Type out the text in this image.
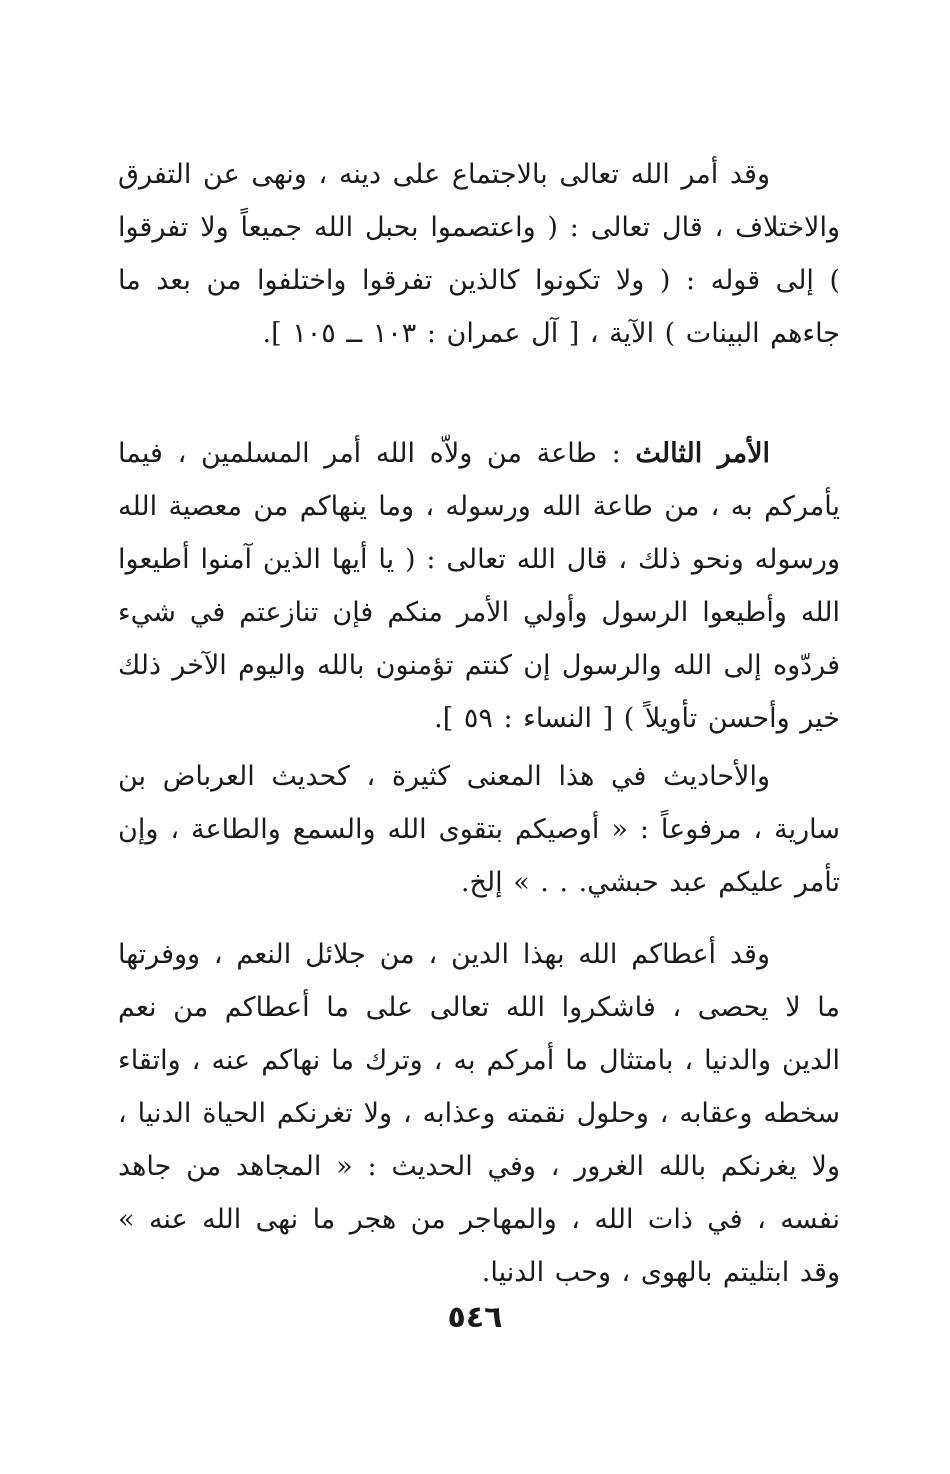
وقد أمر الله تعالى بالاجتماع على دينه ، ونهى عن التفرق والاختلاف ، قال تعالى : ( واعتصموا بحبل الله جميعاً ولا تفرقوا ) إلى قوله : ( ولا تكونوا كالذين تفرقوا واختلفوا من بعد ما جاءهم البينات ) الآية ، [ آل عمران : ١٠٣ ــ ١٠٥ ].
الأمر الثالث : طاعة من ولاّه الله أمر المسلمين ، فيما يأمركم به ، من طاعة الله ورسوله ، وما ينهاكم من معصية الله ورسوله ونحو ذلك ، قال الله تعالى : ( يا أيها الذين آمنوا أطيعوا الله وأطيعوا الرسول وأولي الأمر منكم فإن تنازعتم في شيء فردّوه إلى الله والرسول إن كنتم تؤمنون بالله واليوم الآخر ذلك خير وأحسن تأويلاً ) [ النساء : ٥٩ ].
والأحاديث في هذا المعنى كثيرة ، كحديث العرباض بن سارية ، مرفوعاً : « أوصيكم بتقوى الله والسمع والطاعة ، وإن تأمر عليكم عبد حبشي. . . » إلخ.
وقد أعطاكم الله بهذا الدين ، من جلائل النعم ، ووفرتها ما لا يحصى ، فاشكروا الله تعالى على ما أعطاكم من نعم الدين والدنيا ، بامتثال ما أمركم به ، وترك ما نهاكم عنه ، واتقاء سخطه وعقابه ، وحلول نقمته وعذابه ، ولا تغرنكم الحياة الدنيا ، ولا يغرنكم بالله الغرور ، وفي الحديث : « المجاهد من جاهد نفسه ، في ذات الله ، والمهاجر من هجر ما نهى الله عنه » وقد ابتليتم بالهوى ، وحب الدنيا.
٥٤٦
